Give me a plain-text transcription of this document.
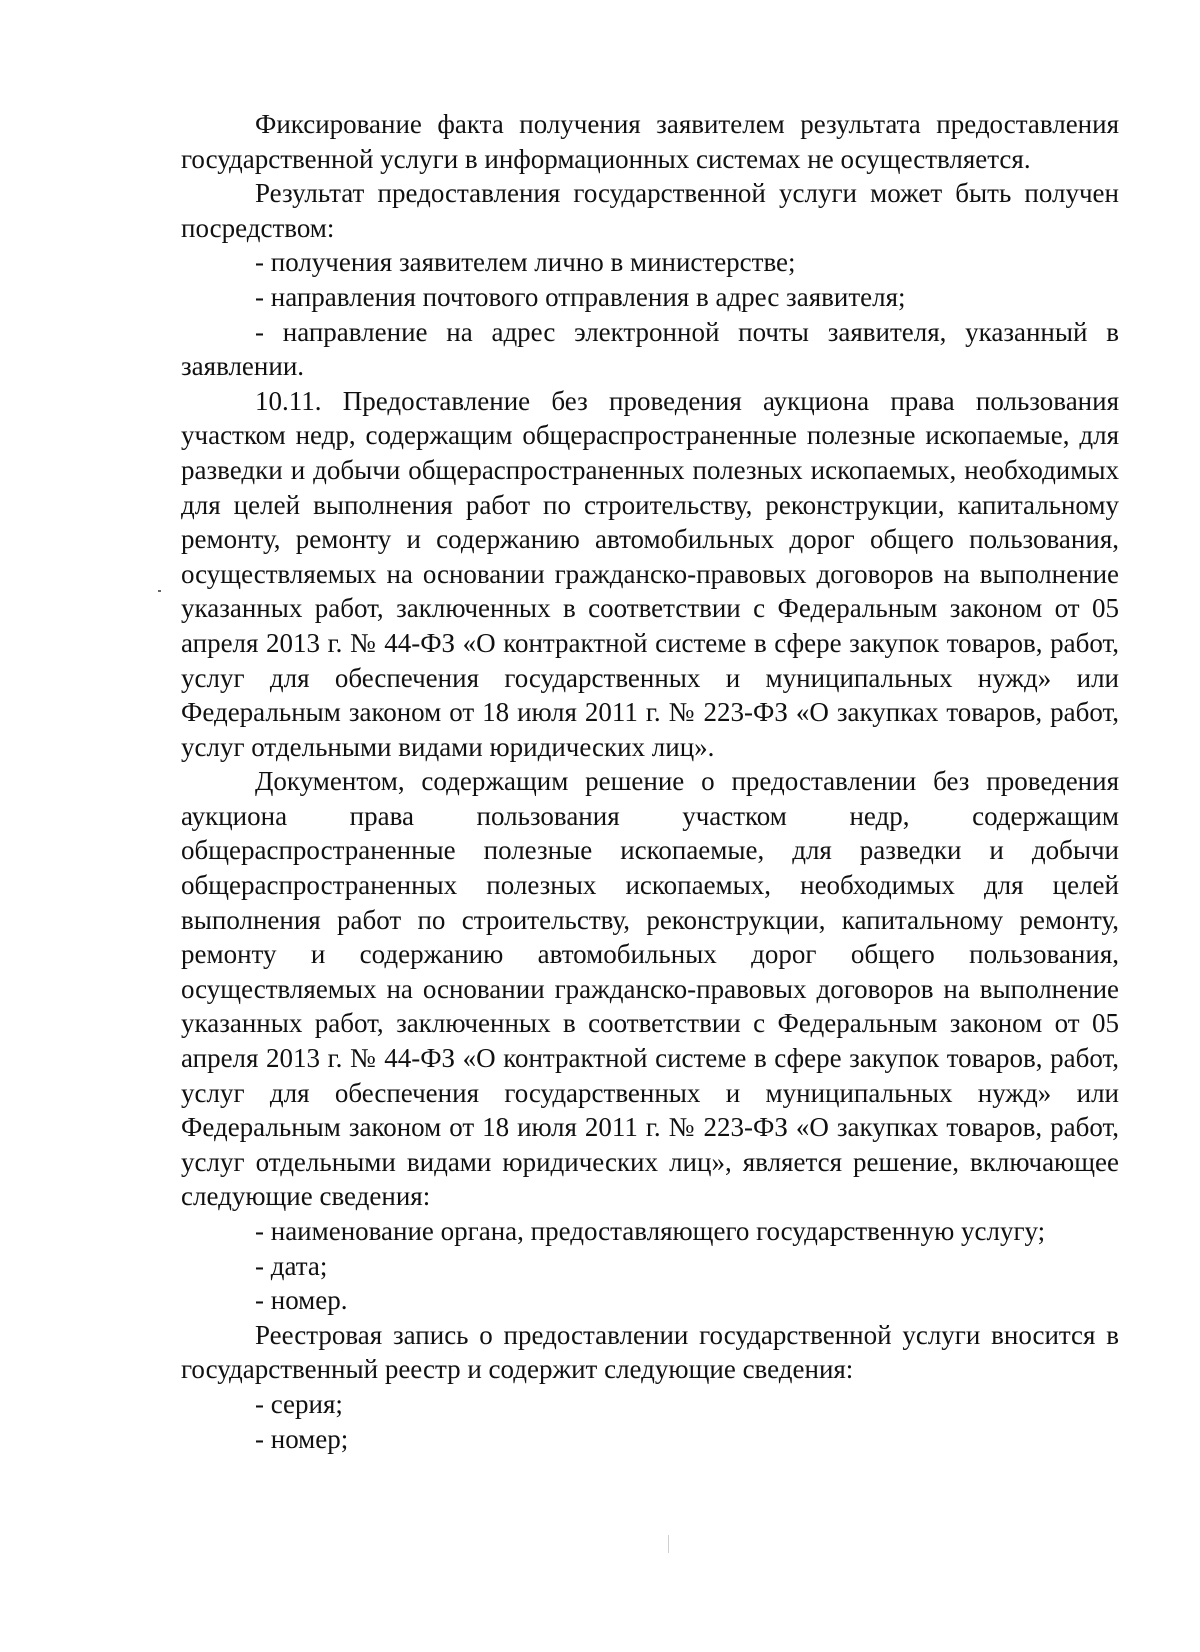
Фиксирование факта получения заявителем результата предоставления государственной услуги в информационных системах не осуществляется.

Результат предоставления государственной услуги может быть получен посредством:

- получения заявителем лично в министерстве;

- направления почтового отправления в адрес заявителя;

- направление на адрес электронной почты заявителя, указанный в заявлении.

10.11. Предоставление без проведения аукциона права пользования участком недр, содержащим общераспространенные полезные ископаемые, для разведки и добычи общераспространенных полезных ископаемых, необходимых для целей выполнения работ по строительству, реконструкции, капитальному ремонту, ремонту и содержанию автомобильных дорог общего пользования, осуществляемых на основании гражданско-правовых договоров на выполнение указанных работ, заключенных в соответствии с Федеральным законом от 05 апреля 2013 г. № 44-ФЗ «О контрактной системе в сфере закупок товаров, работ, услуг для обеспечения государственных и муниципальных нужд» или Федеральным законом от 18 июля 2011 г. № 223-ФЗ «О закупках товаров, работ, услуг отдельными видами юридических лиц».

Документом, содержащим решение о предоставлении без проведения аукциона права пользования участком недр, содержащим общераспространенные полезные ископаемые, для разведки и добычи общераспространенных полезных ископаемых, необходимых для целей выполнения работ по строительству, реконструкции, капитальному ремонту, ремонту и содержанию автомобильных дорог общего пользования, осуществляемых на основании гражданско-правовых договоров на выполнение указанных работ, заключенных в соответствии с Федеральным законом от 05 апреля 2013 г. № 44-ФЗ «О контрактной системе в сфере закупок товаров, работ, услуг для обеспечения государственных и муниципальных нужд» или Федеральным законом от 18 июля 2011 г. № 223-ФЗ «О закупках товаров, работ, услуг отдельными видами юридических лиц», является решение, включающее следующие сведения:

- наименование органа, предоставляющего государственную услугу;

- дата;

- номер.

Реестровая запись о предоставлении государственной услуги вносится в государственный реестр и содержит следующие сведения:

- серия;

- номер;
